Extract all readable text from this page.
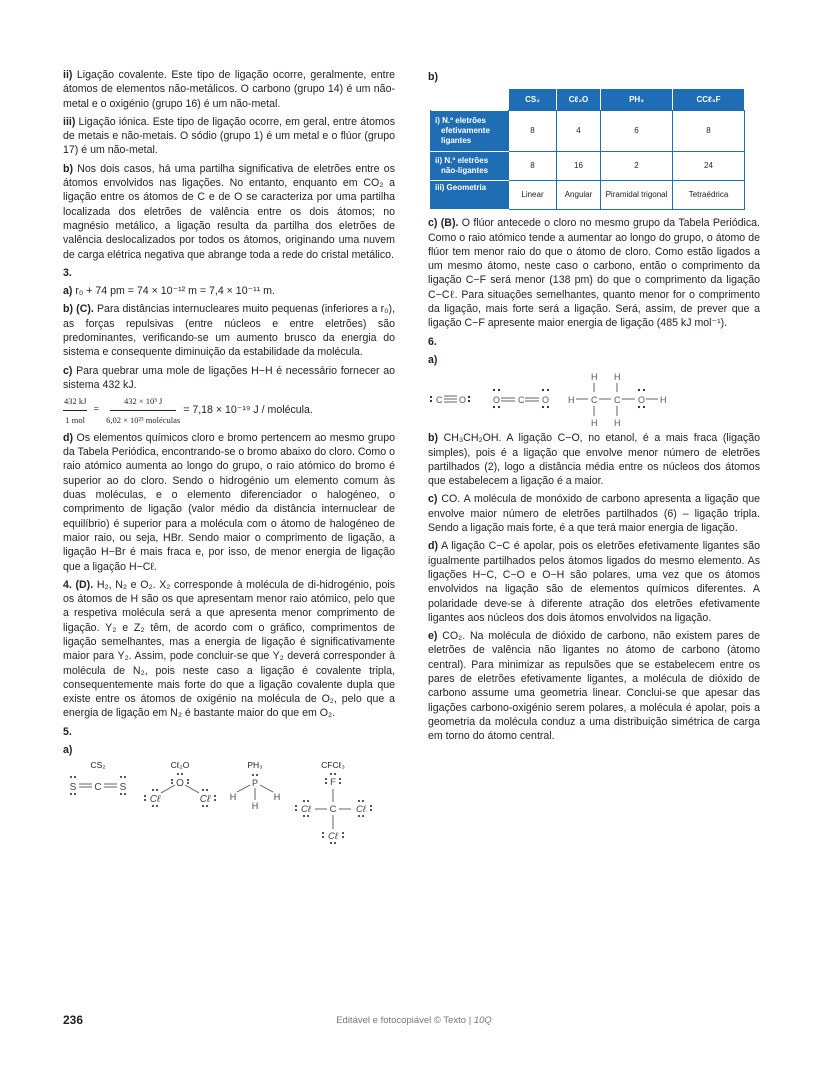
ii) Ligação covalente. Este tipo de ligação ocorre, geralmente, entre átomos de elementos não-metálicos. O carbono (grupo 14) é um não-metal e o oxigénio (grupo 16) é um não-metal.

iii) Ligação iónica. Este tipo de ligação ocorre, em geral, entre átomos de metais e não-metais. O sódio (grupo 1) é um metal e o flúor (grupo 17) é um não-metal.

b) Nos dois casos, há uma partilha significativa de eletrões entre os átomos envolvidos nas ligações. No entanto, enquanto em CO₂ a ligação entre os átomos de C e de O se caracteriza por uma partilha localizada dos eletrões de valência entre os dois átomos; no magnésio metálico, a ligação resulta da partilha dos eletrões de valência deslocalizados por todos os átomos, originando uma nuvem de carga elétrica negativa que abrange toda a rede do cristal metálico.

3.

a) r₀ + 74 pm = 74 × 10⁻¹² m = 7,4 × 10⁻¹¹ m.

b) (C). Para distâncias internucleares muito pequenas (inferiores a r₀), as forças repulsivas (entre núcleos e entre eletrões) são predominantes, verificando-se um aumento brusco da energia do sistema e consequente diminuição da estabilidade da molécula.

c) Para quebrar uma mole de ligações H−H é necessário fornecer ao sistema 432 kJ.

$\frac{432 kJ}{\text{1 mol}} = \frac{\text{432 × 10³ J}}{\text{6,02 × 10²³ moléculas}} = 7,18 \times 10^{-19}$ J / molécula.

d) Os elementos químicos cloro e bromo pertencem ao mesmo grupo da Tabela Periódica, encontrando-se o bromo abaixo do cloro. Como o raio atómico aumenta ao longo do grupo, o raio atómico do bromo é superior ao do cloro. Sendo o hidrogénio um elemento comum às duas moléculas, e o elemento diferenciador o halogéneo, o comprimento de ligação (valor médio da distância internuclear de equilíbrio) é superior para a molécula com o átomo de halogéneo de maior raio, ou seja, HBr. Sendo maior o comprimento de ligação, a ligação H−Br é mais fraca e, por isso, de menor energia de ligação que a ligação H−Cℓ.

4. (D). H₂, N₂ e O₂. X₂ corresponde à molécula de di-hidrogénio, pois os átomos de H são os que apresentam menor raio atómico, pelo que a respetiva molécula será a que apresenta menor comprimento de ligação. Y₂ e Z₂ têm, de acordo com o gráfico, comprimentos de ligação semelhantes, mas a energia de ligação é significativamente maior para Y₂. Assim, pode concluir-se que Y₂ deverá corresponder à molécula de N₂, pois neste caso a ligação é covalente tripla, consequentemente mais forte do que a ligação covalente dupla que existe entre os átomos de oxigénio na molécula de O₂, pelo que a energia de ligação em N₂ é bastante maior do que em O₂.

5.
a)
CS₂
S C S
Cℓ₂O
O
Cℓ	Cℓ
PH₃
P
H	H
H
CFCℓ₃
F
C
Cℓ	Cℓ
Cℓ
b)
	CS₂	Cℓ₂O	PH₃	CCℓ₃F
i) N.º eletrões efetivamente ligantes	8	4	6	8
ii) N.º eletrões não-ligantes	8	16	2	24
iii) Geometria	Linear	Angular	Piramidal trigonal	Tetraédrica

c) (B). O flúor antecede o cloro no mesmo grupo da Tabela Periódica. Como o raio atómico tende a aumentar ao longo do grupo, o átomo de flúor tem menor raio do que o átomo de cloro. Como estão ligados a um mesmo átomo, neste caso o carbono, então o comprimento da ligação C−F será menor (138 pm) do que o comprimento da ligação C−Cℓ. Para situações semelhantes, quanto menor for o comprimento da ligação, mais forte será a ligação. Será, assim, de prever que a ligação C−F apresente maior energia de ligação (485 kJ mol⁻¹).

6.
a)
C O	O C O H C C O H
H H
H H

b) CH₃CH₂OH. A ligação C−O, no etanol, é a mais fraca (ligação simples), pois é a ligação que envolve menor número de eletrões partilhados (2), logo a distância média entre os núcleos dos átomos que estabelecem a ligação é a maior.

c) CO. A molécula de monóxido de carbono apresenta a ligação que envolve maior número de eletrões partilhados (6) – ligação tripla. Sendo a ligação mais forte, é a que terá maior energia de ligação.

d) A ligação C−C é apolar, pois os eletrões efetivamente ligantes são igualmente partilhados pelos átomos ligados do mesmo elemento. As ligações H−C, C−O e O−H são polares, uma vez que os átomos envolvidos na ligação são de elementos químicos diferentes. A polaridade deve-se à diferente atração dos eletrões efetivamente ligantes aos núcleos dos dois átomos envolvidos na ligação.

e) CO₂. Na molécula de dióxido de carbono, não existem pares de eletrões de valência não ligantes no átomo de carbono (átomo central). Para minimizar as repulsões que se estabelecem entre os pares de eletrões efetivamente ligantes, a molécula de dióxido de carbono assume uma geometria linear. Conclui-se que apesar das ligações carbono-oxigénio serem polares, a molécula é apolar, pois a geometria da molécula conduz a uma distribuição simétrica de carga em torno do átomo central.

236	Editável e fotocopiável © Texto | 10Q
